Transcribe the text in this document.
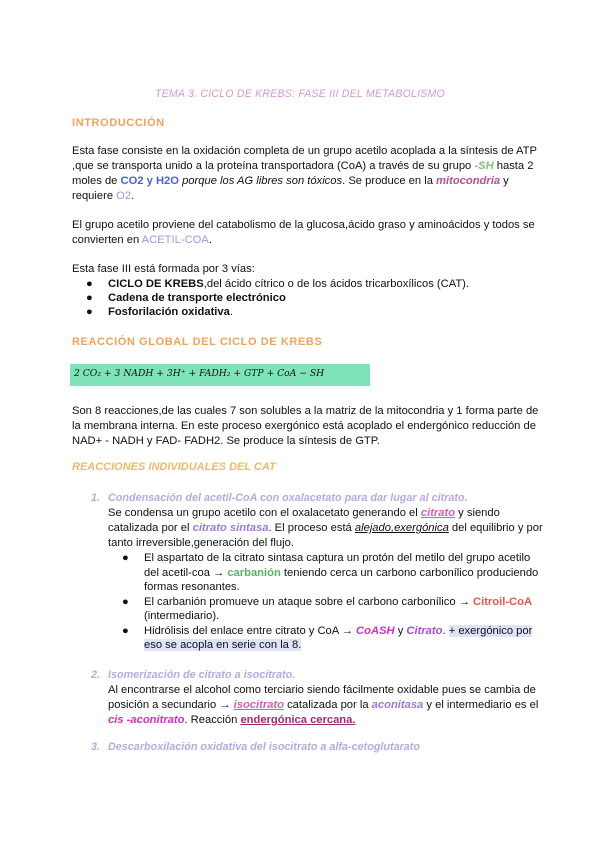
TEMA 3. CICLO DE KREBS: FASE III DEL METABOLISMO
INTRODUCCIÓN
Esta fase consiste en la oxidación completa de un grupo acetilo acoplada a la síntesis de ATP ,que se transporta unido a la proteína transportadora (CoA) a través de su grupo -SH hasta 2 moles de CO2 y H2O porque los AG libres son tóxicos. Se produce en la mitocondria y requiere O2.
El grupo acetilo proviene del catabolismo de la glucosa,ácido graso y aminoácidos y todos se convierten en ACETIL-COA.
Esta fase III está formada por 3 vías:
● CICLO DE KREBS,del ácido cítrico o de los ácidos tricarboxílicos (CAT).
● Cadena de transporte electrónico
● Fosforilación oxidativa.
REACCIÓN GLOBAL DEL CICLO DE KREBS
2 CO₂ + 3 NADH + 3H⁺ + FADH₂ + GTP + CoA − SH
Son 8 reacciones,de las cuales 7 son solubles a la matriz de la mitocondria y 1 forma parte de la membrana interna. En este proceso exergónico está acoplado el endergónico reducción de NAD+ - NADH y FAD- FADH2. Se produce la síntesis de GTP.
REACCIONES INDIVIDUALES DEL CAT
1. Condensación del acetil-CoA con oxalacetato para dar lugar al citrato.
Se condensa un grupo acetilo con el oxalacetato generando el citrato y siendo catalizada por el citrato sintasa. El proceso está alejado,exergónica del equilibrio y por tanto irreversible,generación del flujo.
● El aspartato de la citrato sintasa captura un protón del metilo del grupo acetilo del acetil-coa → carbanión teniendo cerca un carbono carbonílico produciendo formas resonantes.
● El carbanión promueve un ataque sobre el carbono carbonílico → Citroil-CoA (intermediario).
● Hidrólisis del enlace entre citrato y CoA → CoASH y Citrato. + exergónico por eso se acopla en serie con la 8.
2. Isomerización de citrato a isocitrato.
Al encontrarse el alcohol como terciario siendo fácilmente oxidable pues se cambia de posición a secundario → isocitrato catalizada por la aconitasa y el intermediario es el cis -aconitrato. Reacción endergónica cercana.
3. Descarboxilación oxidativa del isocitrato a alfa-cetoglutarato
